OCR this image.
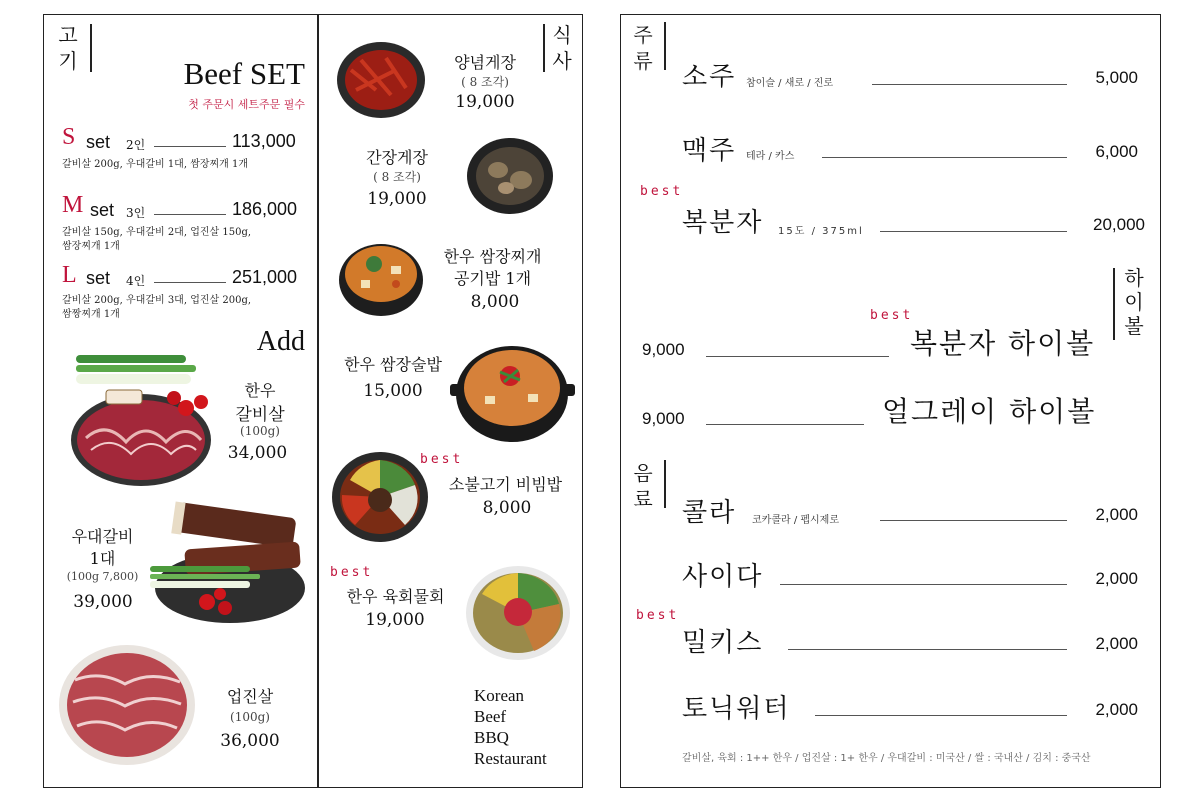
고기
식사
Beef SET
첫 주문시 세트주문 필수
S set 2인	113,000
갈비살 200g, 우대갈비 1대, 쌈장찌개 1개
M set 3인	186,000
갈비살 150g, 우대갈비 2대, 업진살 150g,
쌈장찌개 1개
L set 4인	251,000
갈비살 200g, 우대갈비 3대, 업진살 200g,
쌈짱찌개 1개
Add
한우
갈비살
(100g)
34,000
우대갈비
1대
(100g 7,800)
39,000
업진살
(100g)
36,000
양념게장
( 8 조각)
19,000
간장게장
( 8 조각)
19,000
한우 쌈장찌개
공기밥 1개
8,000
한우 쌈장술밥
15,000
best
소불고기 비빔밥
8,000
best
한우 육회물회
19,000
Korean
Beef
BBQ
Restaurant
주류
소주 참이슬 / 새로 / 진로	5,000
맥주 테라 / 카스	6,000
best
복분자 15도 / 375ml	20,000
하이볼
best
9,000	복분자 하이볼
9,000	얼그레이 하이볼
음료 콜라 코카콜라 / 펩시제로	2,000
사이다	2,000
best
밀키스	2,000
토닉워터	2,000
갈비살, 육회 : 1++ 한우 / 업진살 : 1+ 한우 / 우대갈비 : 미국산 / 쌀 : 국내산 / 김치 : 중국산
